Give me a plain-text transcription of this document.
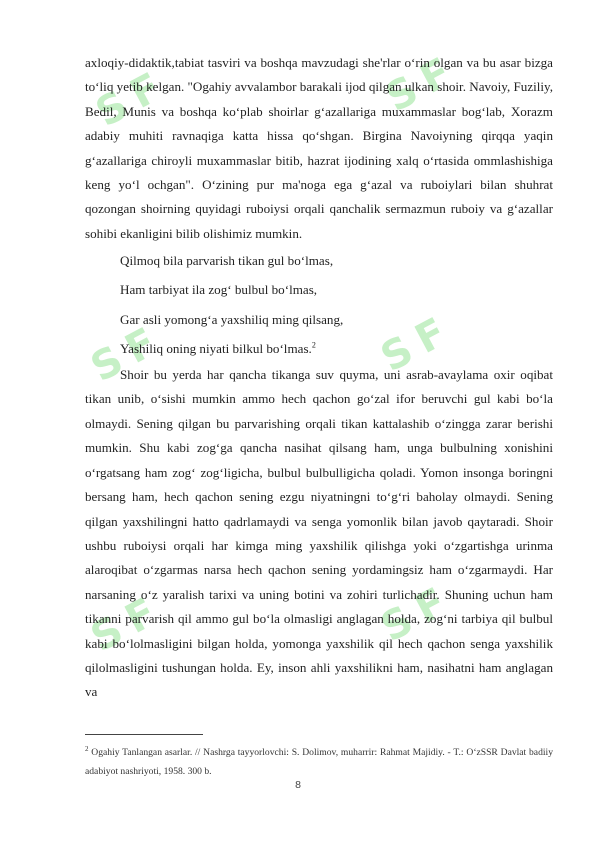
SF	SF
SF	SF
SF	SF

axloqiy-didaktik,tabiat tasviri va boshqa mavzudagi she'rlar o‘rin olgan va bu asar bizga to‘liq yetib kelgan. "Ogahiy avvalambor barakali ijod qilgan ulkan shoir. Navoiy, Fuziliy, Bedil, Munis va boshqa ko‘plab shoirlar g‘azallariga muxammaslar bog‘lab, Xorazm adabiy muhiti ravnaqiga katta hissa qo‘shgan. Birgina Navoiyning qirqqa yaqin g‘azallariga chiroyli muxammaslar bitib, hazrat ijodining xalq o‘rtasida ommlashishiga keng yo‘l ochgan". O‘zining pur ma'noga ega g‘azal va ruboiylari bilan shuhrat qozongan shoirning quyidagi ruboiysi orqali qanchalik sermazmun ruboiy va g‘azallar sohibi ekanligini bilib olishimiz mumkin.

Qilmoq bila parvarish tikan gul bo‘lmas,

Ham tarbiyat ila zog‘ bulbul bo‘lmas,

Gar asli yomong‘a yaxshiliq ming qilsang,

Yashiliq oning niyati bilkul bo‘lmas.$^2$

Shoir bu yerda har qancha tikanga suv quyma, uni asrab-avaylama oxir oqibat tikan unib, o‘sishi mumkin ammo hech qachon go‘zal ifor beruvchi gul kabi bo‘la olmaydi. Sening qilgan bu parvarishing orqali tikan kattalashib o‘zingga zarar berishi mumkin. Shu kabi zog‘ga qancha nasihat qilsang ham, unga bulbulning xonishini o‘rgatsang ham zog‘ zog‘ligicha, bulbul bulbulligicha qoladi. Yomon insonga boringni bersang ham, hech qachon sening ezgu niyatningni to‘g‘ri baholay olmaydi. Sening qilgan yaxshilingni hatto qadrlamaydi va senga yomonlik bilan javob qaytaradi. Shoir ushbu ruboiysi orqali har kimga ming yaxshilik qilishga yoki o‘zgartishga urinma alaroqibat o‘zgarmas narsa hech qachon sening yordamingsiz ham o‘zgarmaydi. Har narsaning o‘z yaralish tarixi va uning botini va zohiri turlichadir. Shuning uchun ham tikanni parvarish qil ammo gul bo‘la olmasligi anglagan holda, zog‘ni tarbiya qil bulbul kabi bo‘lolmasligini bilgan holda, yomonga yaxshilik qil hech qachon senga yaxshilik qilolmasligini tushungan holda. Ey, inson ahli yaxshilikni ham, nasihatni ham anglagan va

$^2$ Ogahiy Tanlangan asarlar. // Nashrga tayyorlovchi: S. Dolimov, muharrir: Rahmat Majidiy. - T.: O‘zSSR Davlat badiiy adabiyot nashriyoti, 1958. 300 b.
8
